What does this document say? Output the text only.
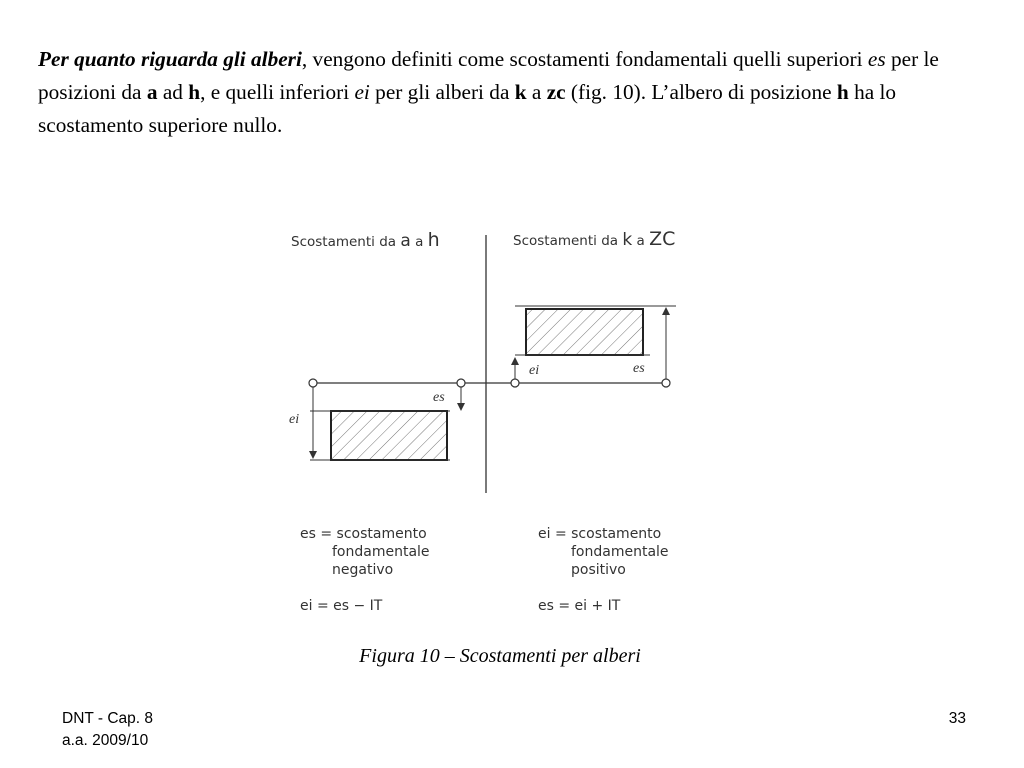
Per quanto riguarda gli alberi, vengono definiti come scostamenti fondamentali quelli superiori es per le posizioni da a ad h, e quelli inferiori ei per gli alberi da k a zc (fig. 10). L’albero di posizione h ha lo scostamento superiore nullo.

Scostamenti da a a h	Scostamenti da k a ZC
ei
es
ei	es
es = scostamento
fondamentale
negativo
ei = es − IT
ei = scostamento
fondamentale
positivo
es = ei + IT
Figura 10 – Scostamenti per alberi
DNT - Cap. 8
a.a. 2009/10
33
